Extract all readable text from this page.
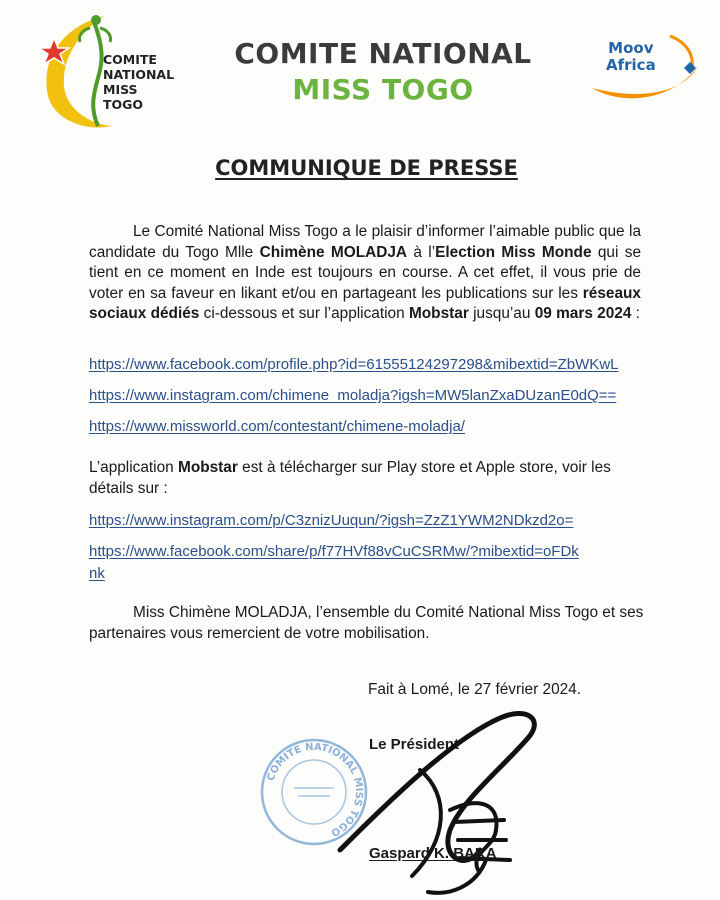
COMITE
NATIONAL
MISS
TOGO
COMITE NATIONAL
MISS TOGO
Moov
Africa
COMMUNIQUE DE PRESSE
Le Comité National Miss Togo a le plaisir d’informer l’aimable public que la candidate du Togo Mlle Chimène MOLADJA à l’Election Miss Monde qui se tient en ce moment en Inde est toujours en course. A cet effet, il vous prie de voter en sa faveur en likant et/ou en partageant les publications sur les réseaux sociaux dédiés ci-dessous et sur l’application Mobstar jusqu’au 09 mars 2024 :
https://www.facebook.com/profile.php?id=61555124297298&mibextid=ZbWKwL
https://www.instagram.com/chimene_moladja?igsh=MW5lanZxaDUzanE0dQ==
https://www.missworld.com/contestant/chimene-moladja/
L’application Mobstar est à télécharger sur Play store et Apple store, voir les détails sur :
https://www.instagram.com/p/C3znizUuqun/?igsh=ZzZ1YWM2NDkzd2o=
https://www.facebook.com/share/p/f77HVf88vCuCSRMw/?mibextid=oFDk
nk
Miss Chimène MOLADJA, l’ensemble du Comité National Miss Togo et ses partenaires vous remercient de votre mobilisation.
Fait à Lomé, le 27 février 2024.
COMITE NATIONAL MISS TOGO
Le Président
Gaspard K. BAKA
